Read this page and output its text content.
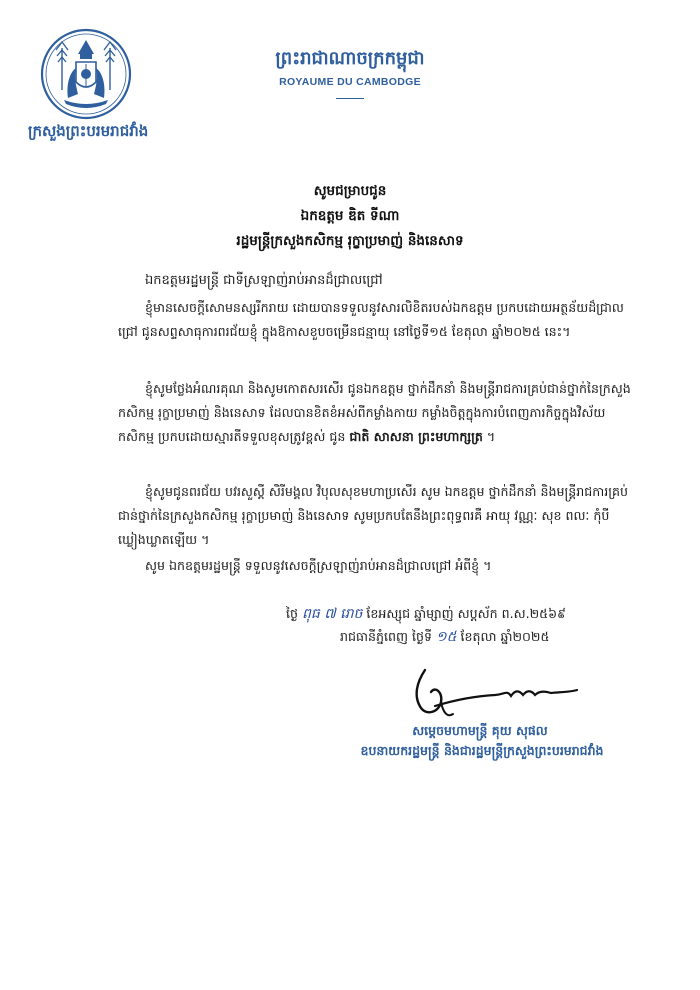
ក្រសួងព្រះបរមរាជវាំង
ព្រះរាជាណាចក្រកម្ពុជា
ROYAUME DU CAMBODGE
សូមជម្រាបជូន
ឯកឧត្តម ឌិត ទីណា
រដ្ឋមន្ត្រីក្រសួងកសិកម្ម រុក្ខាប្រមាញ់ និងនេសាទ
ឯកឧត្តមរដ្ឋមន្ត្រី ជាទីស្រឡាញ់រាប់អានដ៏ជ្រាលជ្រៅ
ខ្ញុំមានសេចក្តីសោមនស្សរីករាយ ដោយបានទទួលនូវសារលិខិតរបស់ឯកឧត្តម ប្រកបដោយអត្ថន័យដ៏ជ្រាលជ្រៅ ជូនសព្ទសាធុការពរជ័យខ្ញុំ ក្នុងឱកាសខួបចម្រើនជន្មាយុ នៅថ្ងៃទី១៥ ខែតុលា ឆ្នាំ២០២៥ នេះ។
ខ្ញុំសូមថ្លែងអំណរគុណ និងសូមកោតសរសើរ ជូនឯកឧត្តម ថ្នាក់ដឹកនាំ និងមន្ត្រីរាជការគ្រប់ជាន់ថ្នាក់នៃក្រសួងកសិកម្ម រុក្ខាប្រមាញ់ និងនេសាទ ដែលបានខិតខំអស់ពីកម្លាំងកាយ កម្លាំងចិត្តក្នុងការបំពេញភារកិច្ចក្នុងវិស័យកសិកម្ម ប្រកបដោយស្មារតីទទួលខុសត្រូវខ្ពស់ ជូន ជាតិ សាសនា ព្រះមហាក្សត្រ ។
ខ្ញុំសូមជូនពរជ័យ បវរសួស្តី សិរីមង្គល វិបុលសុខមហាប្រសើរ សូម ឯកឧត្តម ថ្នាក់ដឹកនាំ និងមន្ត្រីរាជការគ្រប់ជាន់ថ្នាក់នៃក្រសួងកសិកម្ម រុក្ខាប្រមាញ់ និងនេសាទ សូមប្រកបតែនឹងព្រះពុទ្ធពរគឺ អាយុ វណ្ណៈ សុខ ពលៈ កុំបីឃ្លៀងឃ្លាតឡើយ ។
សូម ឯកឧត្តមរដ្ឋមន្ត្រី ទទួលនូវសេចក្តីស្រឡាញ់រាប់អានដ៏ជ្រាលជ្រៅ អំពីខ្ញុំ ។
ថ្ងៃ ពុធ ៧ រោច ខែអស្សុជ ឆ្នាំម្សាញ់ សប្តស័ក ព.ស.២៥៦៩
រាជធានីភ្នំពេញ ថ្ងៃទី ១៥ ខែតុលា ឆ្នាំ២០២៥
សម្តេចមហាមន្ត្រី គុយ សុផល
ឧបនាយករដ្ឋមន្ត្រី និងជារដ្ឋមន្ត្រីក្រសួងព្រះបរមរាជវាំង
